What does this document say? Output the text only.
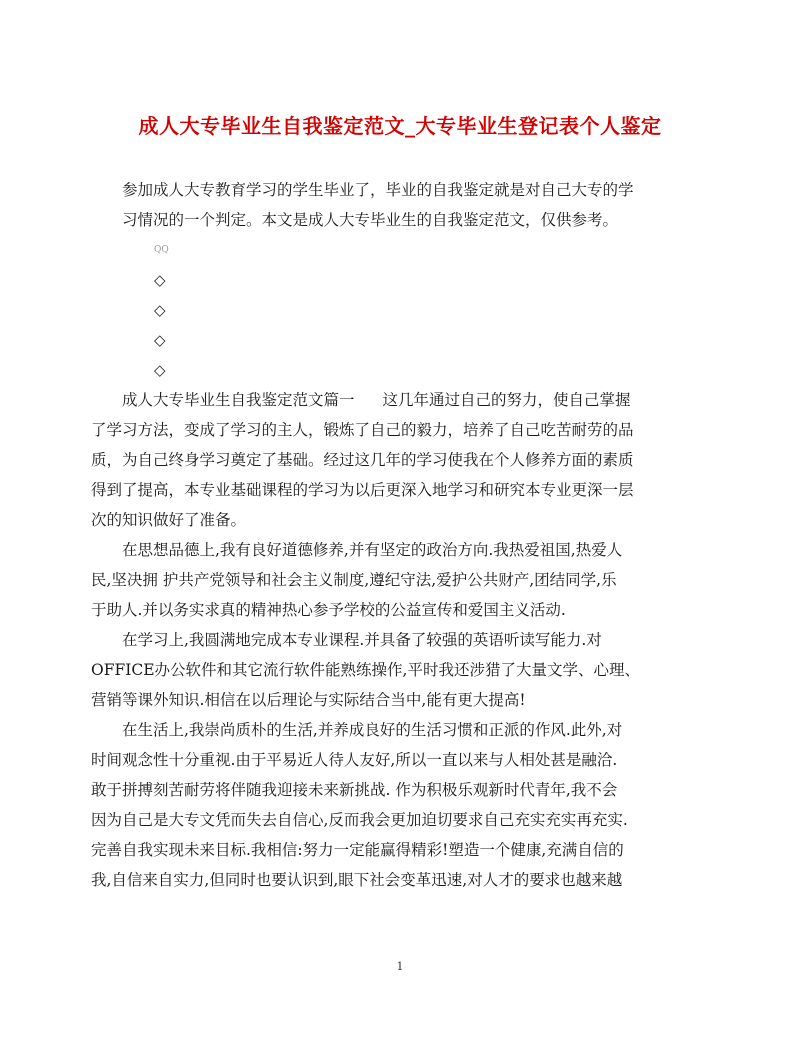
成人大专毕业生自我鉴定范文_大专毕业生登记表个人鉴定

参加成人大专教育学习的学生毕业了，毕业的自我鉴定就是对自己大专的学
习情况的一个判定。本文是成人大专毕业生的自我鉴定范文，仅供参考。

QQ
◇
◇
◇
◇

成人大专毕业生自我鉴定范文篇一 这几年通过自己的努力，使自己掌握
了学习方法，变成了学习的主人，锻炼了自己的毅力，培养了自己吃苦耐劳的品
质，为自己终身学习奠定了基础。经过这几年的学习使我在个人修养方面的素质
得到了提高，本专业基础课程的学习为以后更深入地学习和研究本专业更深一层
次的知识做好了准备。

在思想品德上,我有良好道德修养,并有坚定的政治方向.我热爱祖国,热爱人
民,坚决拥 护共产党领导和社会主义制度,遵纪守法,爱护公共财产,团结同学,乐
于助人.并以务实求真的精神热心参予学校的公益宣传和爱国主义活动.

在学习上,我圆满地完成本专业课程.并具备了较强的英语听读写能力.对
OFFICE办公软件和其它流行软件能熟练操作,平时我还涉猎了大量文学、心理、
营销等课外知识.相信在以后理论与实际结合当中,能有更大提高!

在生活上,我崇尚质朴的生活,并养成良好的生活习惯和正派的作风.此外,对
时间观念性十分重视.由于平易近人待人友好,所以一直以来与人相处甚是融洽.
敢于拼搏刻苦耐劳将伴随我迎接未来新挑战. 作为积极乐观新时代青年,我不会
因为自己是大专文凭而失去自信心,反而我会更加迫切要求自己充实充实再充实.
完善自我实现未来目标.我相信:努力一定能赢得精彩!塑造一个健康,充满自信的
我,自信来自实力,但同时也要认识到,眼下社会变革迅速,对人才的要求也越来越

1
